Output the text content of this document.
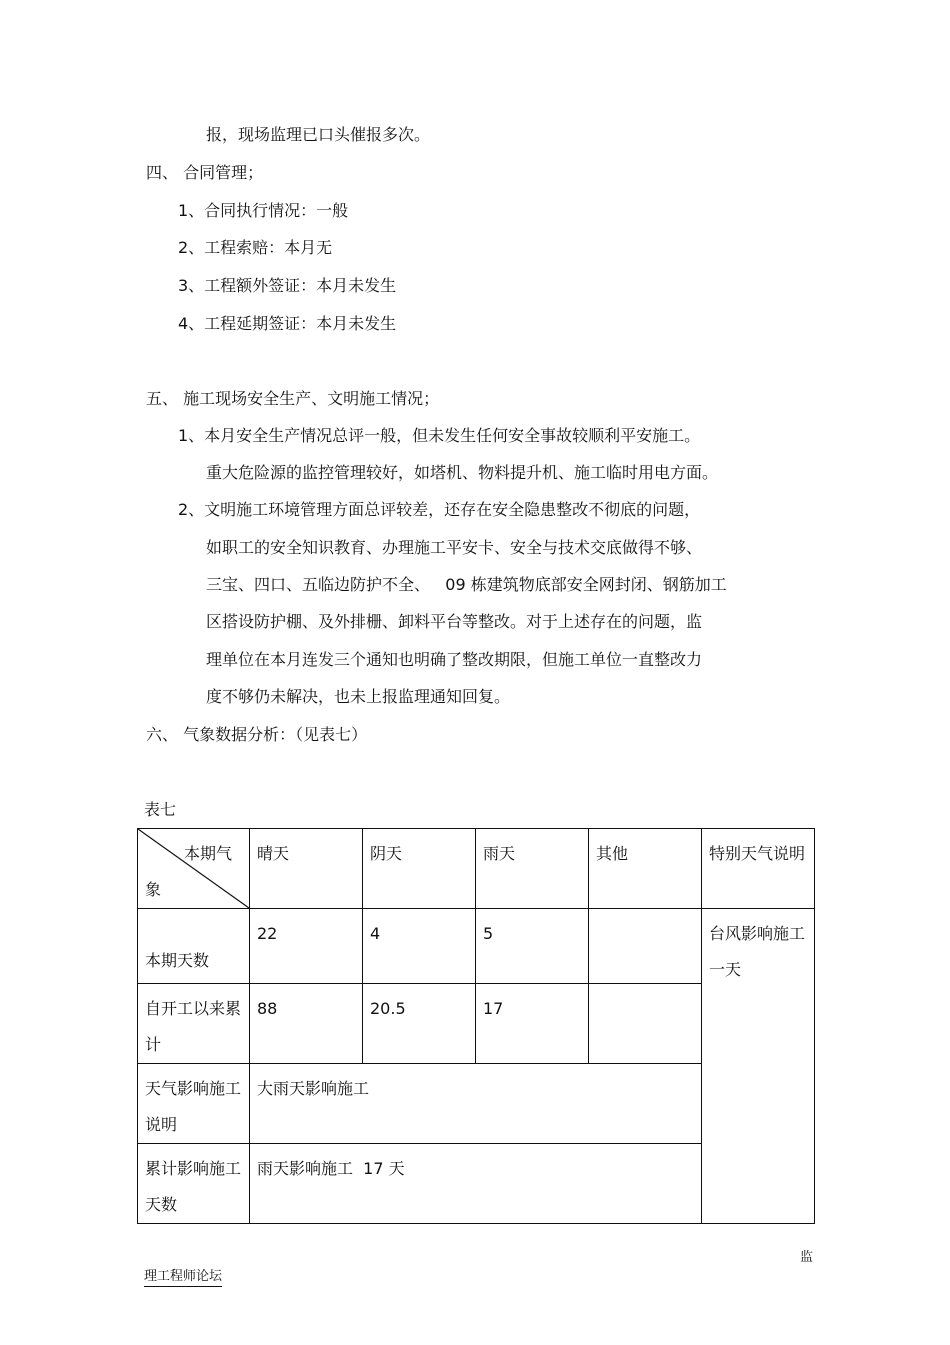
报，现场监理已口头催报多次。
四、 合同管理；
1、合同执行情况：一般
2、工程索赔：本月无
3、工程额外签证：本月未发生
4、工程延期签证：本月未发生
五、 施工现场安全生产、文明施工情况；
1、本月安全生产情况总评一般，但未发生任何安全事故较顺利平安施工。
重大危险源的监控管理较好，如塔机、物料提升机、施工临时用电方面。
2、文明施工环境管理方面总评较差，还存在安全隐患整改不彻底的问题，
如职工的安全知识教育、办理施工平安卡、安全与技术交底做得不够、
三宝、四口、五临边防护不全、   09 栋建筑物底部安全网封闭、钢筋加工
区搭设防护棚、及外排栅、卸料平台等整改。对于上述存在的问题，监
理单位在本月连发三个通知也明确了整改期限，但施工单位一直整改力
度不够仍未解决，也未上报监理通知回复。
六、 气象数据分析：（见表七）
表七
本期气
象	晴天	阴天	雨天	其他	特别天气说明
本期天数	22	4	5		台风影响施工一天
自开工以来累计	88	20.5	17		
天气影响施工说明	大雨天影响施工				
累计影响施工天数	雨天影响施工  17 天				
监
理工程师论坛
